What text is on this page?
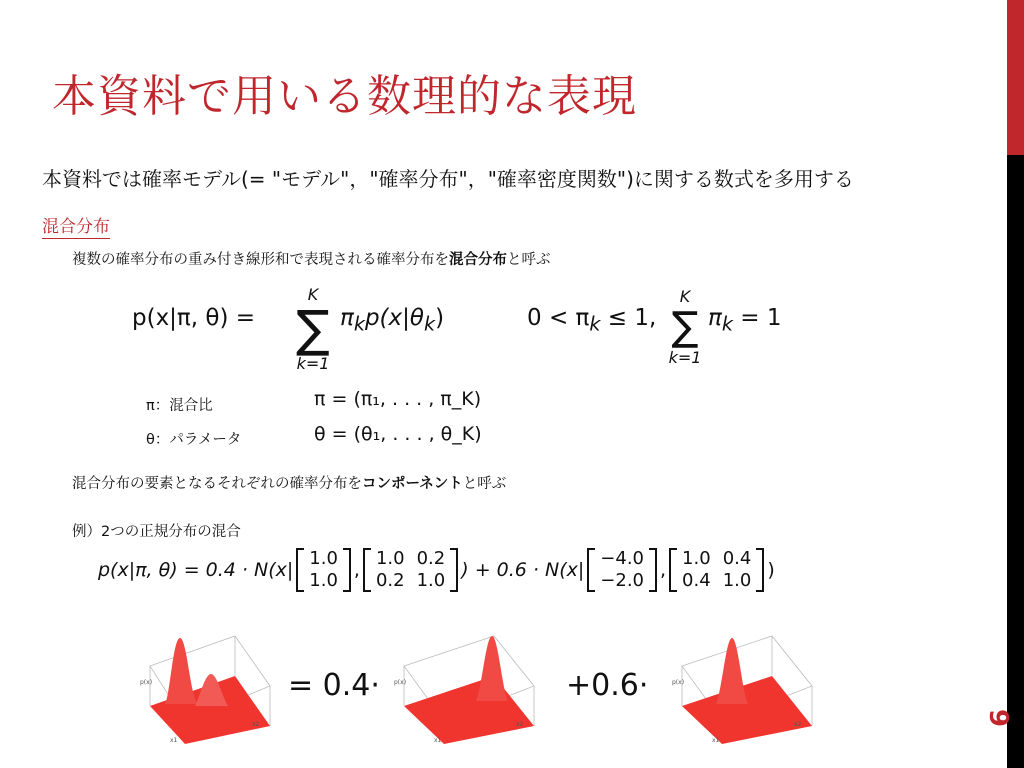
9
本資料で用いる数理的な表現
本資料では確率モデル(= "モデル"，"確率分布"，"確率密度関数")に関する数式を多用する
混合分布
複数の確率分布の重み付き線形和で表現される確率分布を混合分布と呼ぶ
p(x|π, θ) =
K
∑
k=1
$\pi_kp(x|\theta_k)$	$0 < \pi_k \le 1$,
K
∑
k=1
$\pi_k = 1$
π：混合比	π = (π₁, . . . , π_K)
θ：パラメータ	θ = (θ₁, . . . , θ_K)
混合分布の要素となるそれぞれの確率分布をコンポーネントと呼ぶ
例）2つの正規分布の混合
p(x|π, θ) = 0.4 · N(x|
1.0
1.0 ,
1.0	0.2
0.2	1.0 ) + 0.6 · N(x|
−4.0
−2.0 ,
1.0	0.4
0.4	1.0 )
p(x)
x1
x2
= 0.4· p(x)
x1
x2
+0.6·	p(x)
x1
x2
